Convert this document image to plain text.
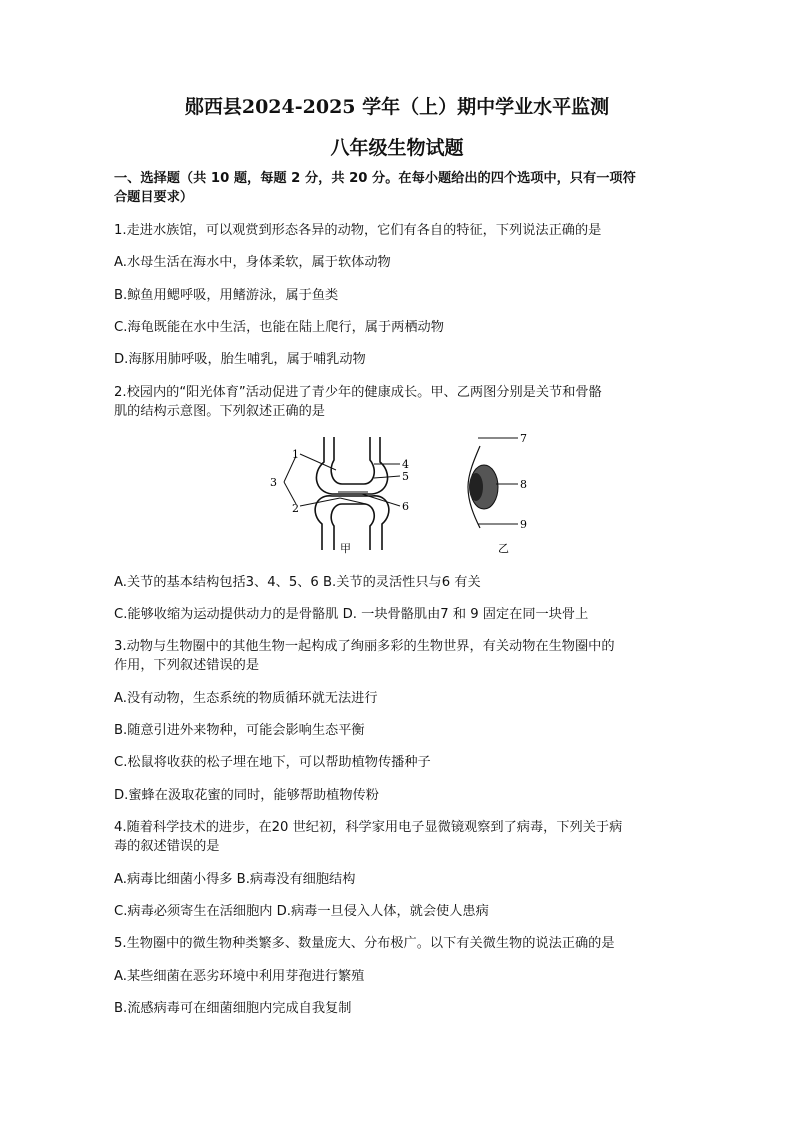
郧西县2024-2025 学年（上）期中学业水平监测
八年级生物试题
一、选择题（共 10 题，每题 2 分，共 20 分。在每小题给出的四个选项中，只有一项符
合题目要求）
1.走进水族馆，可以观赏到形态各异的动物，它们有各自的特征，下列说法正确的是
A.水母生活在海水中，身体柔软，属于软体动物
B.鲸鱼用鳃呼吸，用鳍游泳，属于鱼类
C.海龟既能在水中生活，也能在陆上爬行，属于两栖动物
D.海豚用肺呼吸，胎生哺乳，属于哺乳动物
2.校园内的“阳光体育”活动促进了青少年的健康成长。甲、乙两图分别是关节和骨骼
肌的结构示意图。下列叙述正确的是
1
2
3
4
5
6
甲
7
8
9
乙
A.关节的基本结构包括3、4、5、6 B.关节的灵活性只与6 有关
C.能够收缩为运动提供动力的是骨骼肌 D. 一块骨骼肌由7 和 9 固定在同一块骨上
3.动物与生物圈中的其他生物一起构成了绚丽多彩的生物世界，有关动物在生物圈中的
作用，下列叙述错误的是
A.没有动物，生态系统的物质循环就无法进行
B.随意引进外来物种，可能会影响生态平衡
C.松鼠将收获的松子埋在地下，可以帮助植物传播种子
D.蜜蜂在汲取花蜜的同时，能够帮助植物传粉
4.随着科学技术的进步，在20 世纪初，科学家用电子显微镜观察到了病毒，下列关于病
毒的叙述错误的是
A.病毒比细菌小得多 B.病毒没有细胞结构
C.病毒必须寄生在活细胞内 D.病毒一旦侵入人体，就会使人患病
5.生物圈中的微生物种类繁多、数量庞大、分布极广。以下有关微生物的说法正确的是
A.某些细菌在恶劣环境中利用芽孢进行繁殖
B.流感病毒可在细菌细胞内完成自我复制
